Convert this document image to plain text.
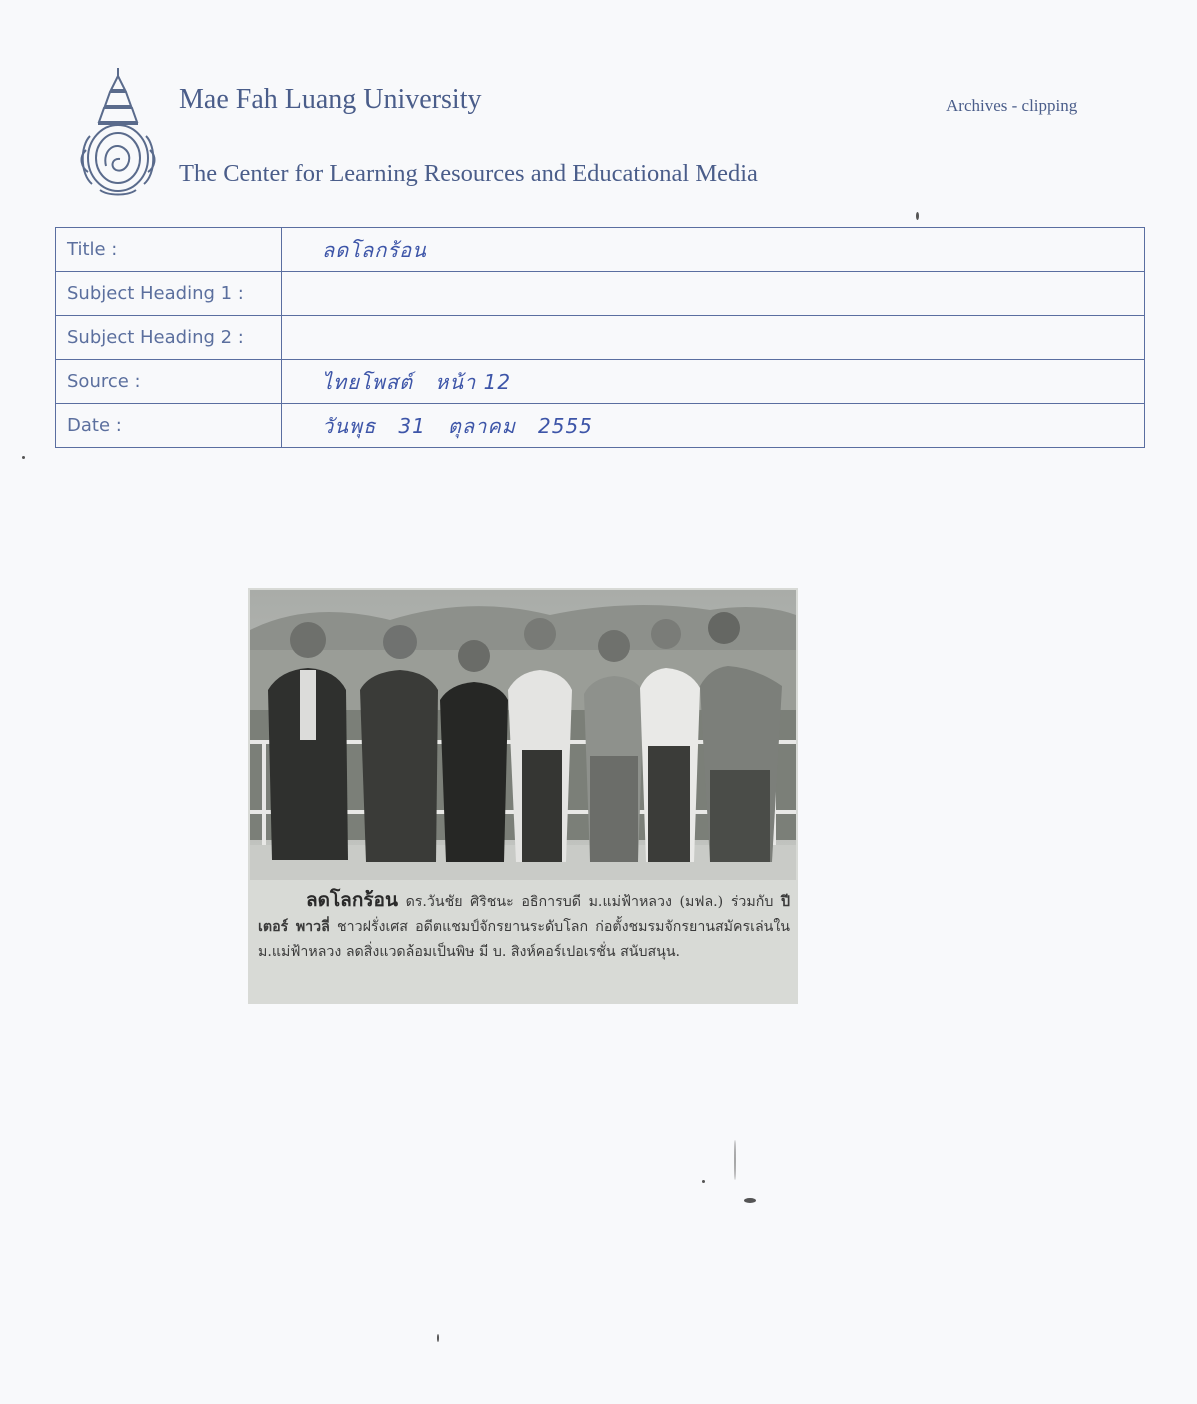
Mae Fah Luang University
The Center for Learning Resources and Educational Media
Archives - clipping
Title :	ลดโลกร้อน
Subject Heading 1 :	
Subject Heading 2 :	
Source :	ไทยโพสต์   หน้า 12
Date :	วันพุธ   31   ตุลาคม   2555
ลดโลกร้อน ดร.วันชัย ศิริชนะ อธิการบดี ม.แม่ฟ้าหลวง (มฟล.) ร่วมกับ ปีเตอร์ พาวลี่ ชาวฝรั่งเศส อดีตแชมป์จักรยานระดับโลก ก่อตั้งชมรมจักรยานสมัครเล่นใน ม.แม่ฟ้าหลวง ลดสิ่งแวดล้อมเป็นพิษ มี บ. สิงห์คอร์เปอเรชั่น สนับสนุน.
